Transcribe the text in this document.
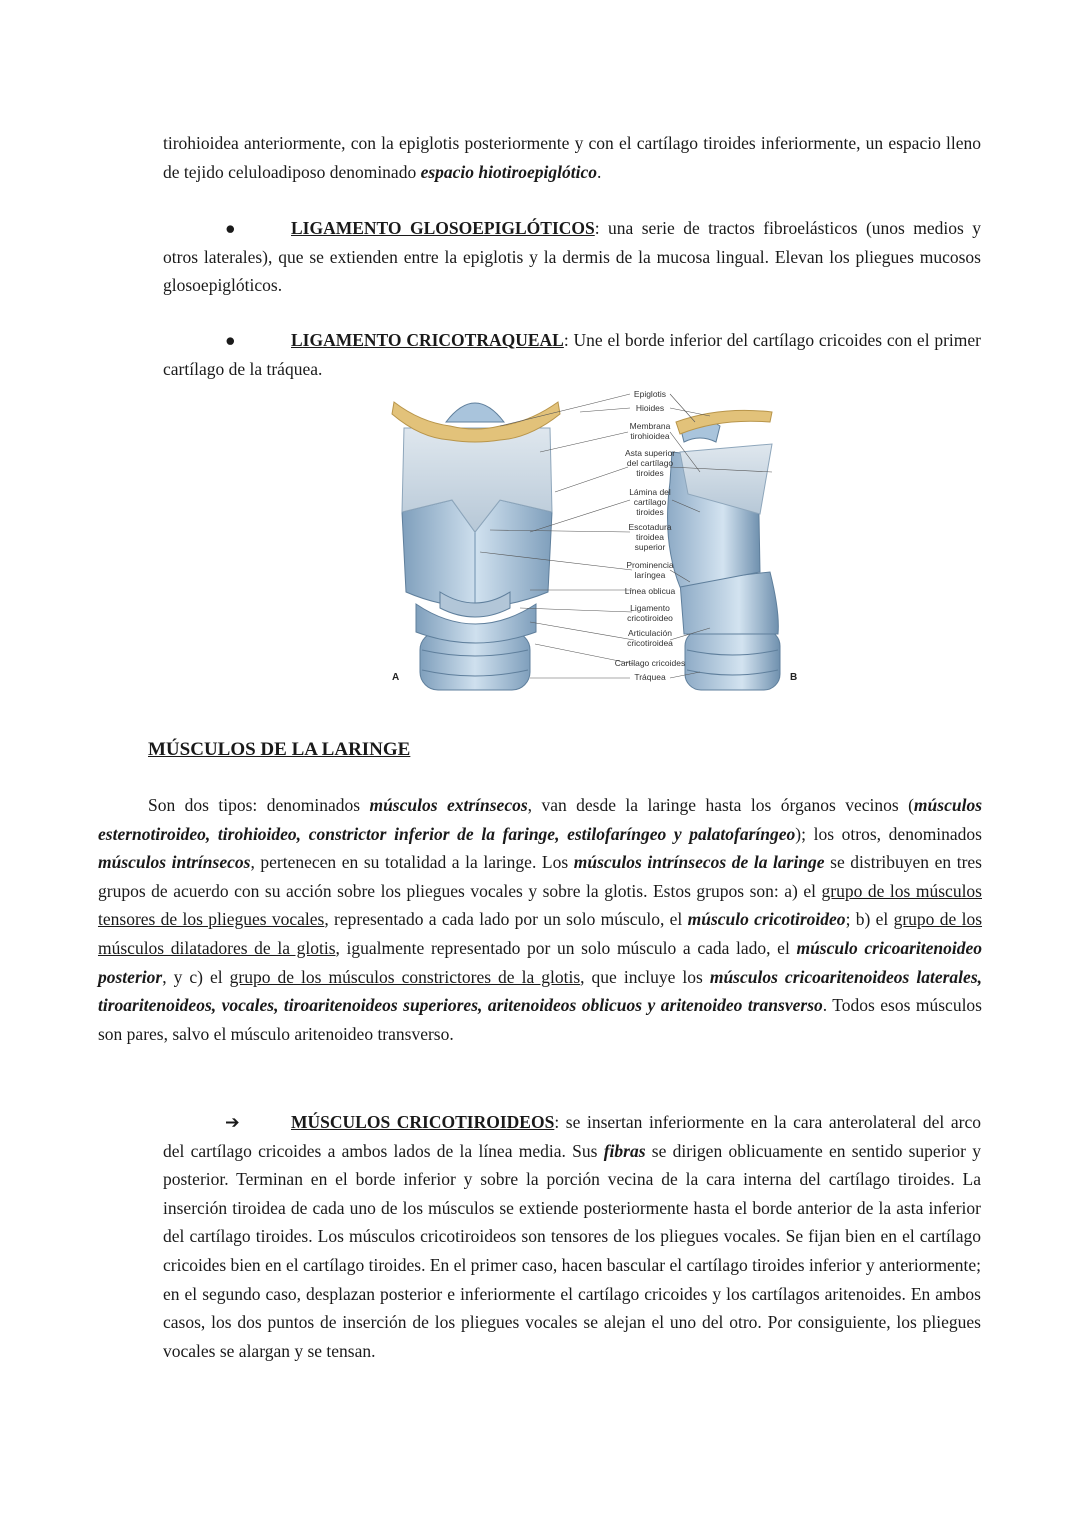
tirohioidea anteriormente, con la epiglotis posteriormente y con el cartílago tiroides inferiormente, un espacio lleno de tejido celuloadiposo denominado espacio hiotiroepiglótico.
●	LIGAMENTO GLOSOEPIGLÓTICOS: una serie de tractos fibroelásticos (unos medios y otros laterales), que se extienden entre la epiglotis y la dermis de la mucosa lingual. Elevan los pliegues mucosos glosoepiglóticos.
●	LIGAMENTO CRICOTRAQUEAL: Une el borde inferior del cartílago cricoides con el primer cartílago de la tráquea.
Epiglotis
Hioides
Membrana
tirohioidea
Asta superior
del cartílago
tiroides
Lámina del
cartílago
tiroides
Escotadura
tiroidea
superior
Prominencia
laríngea
Línea oblicua
Ligamento
cricotiroideo
Articulación
cricotiroidea
Cartílago cricoides
Tráquea
A	B
MÚSCULOS DE LA LARINGE
Son dos tipos: denominados músculos extrínsecos, van desde la laringe hasta los órganos vecinos (músculos esternotiroideo, tirohioideo, constrictor inferior de la faringe, estilofaríngeo y palatofaríngeo); los otros, denominados músculos intrínsecos, pertenecen en su totalidad a la laringe. Los músculos intrínsecos de la laringe se distribuyen en tres grupos de acuerdo con su acción sobre los pliegues vocales y sobre la glotis. Estos grupos son: a) el grupo de los músculos tensores de los pliegues vocales, representado a cada lado por un solo músculo, el músculo cricotiroideo; b) el grupo de los músculos dilatadores de la glotis, igualmente representado por un solo músculo a cada lado, el músculo cricoaritenoideo posterior, y c) el grupo de los músculos constrictores de la glotis, que incluye los músculos cricoaritenoideos laterales, tiroaritenoideos, vocales, tiroaritenoideos superiores, aritenoideos oblicuos y aritenoideo transverso. Todos esos músculos son pares, salvo el músculo aritenoideo transverso.
➔	MÚSCULOS CRICOTIROIDEOS: se insertan inferiormente en la cara anterolateral del arco del cartílago cricoides a ambos lados de la línea media. Sus fibras se dirigen oblicuamente en sentido superior y posterior. Terminan en el borde inferior y sobre la porción vecina de la cara interna del cartílago tiroides. La inserción tiroidea de cada uno de los músculos se extiende posteriormente hasta el borde anterior de la asta inferior del cartílago tiroides. Los músculos cricotiroideos son tensores de los pliegues vocales. Se fijan bien en el cartílago cricoides bien en el cartílago tiroides. En el primer caso, hacen bascular el cartílago tiroides inferior y anteriormente; en el segundo caso, desplazan posterior e inferiormente el cartílago cricoides y los cartílagos aritenoides. En ambos casos, los dos puntos de inserción de los pliegues vocales se alejan el uno del otro. Por consiguiente, los pliegues vocales se alargan y se tensan.
